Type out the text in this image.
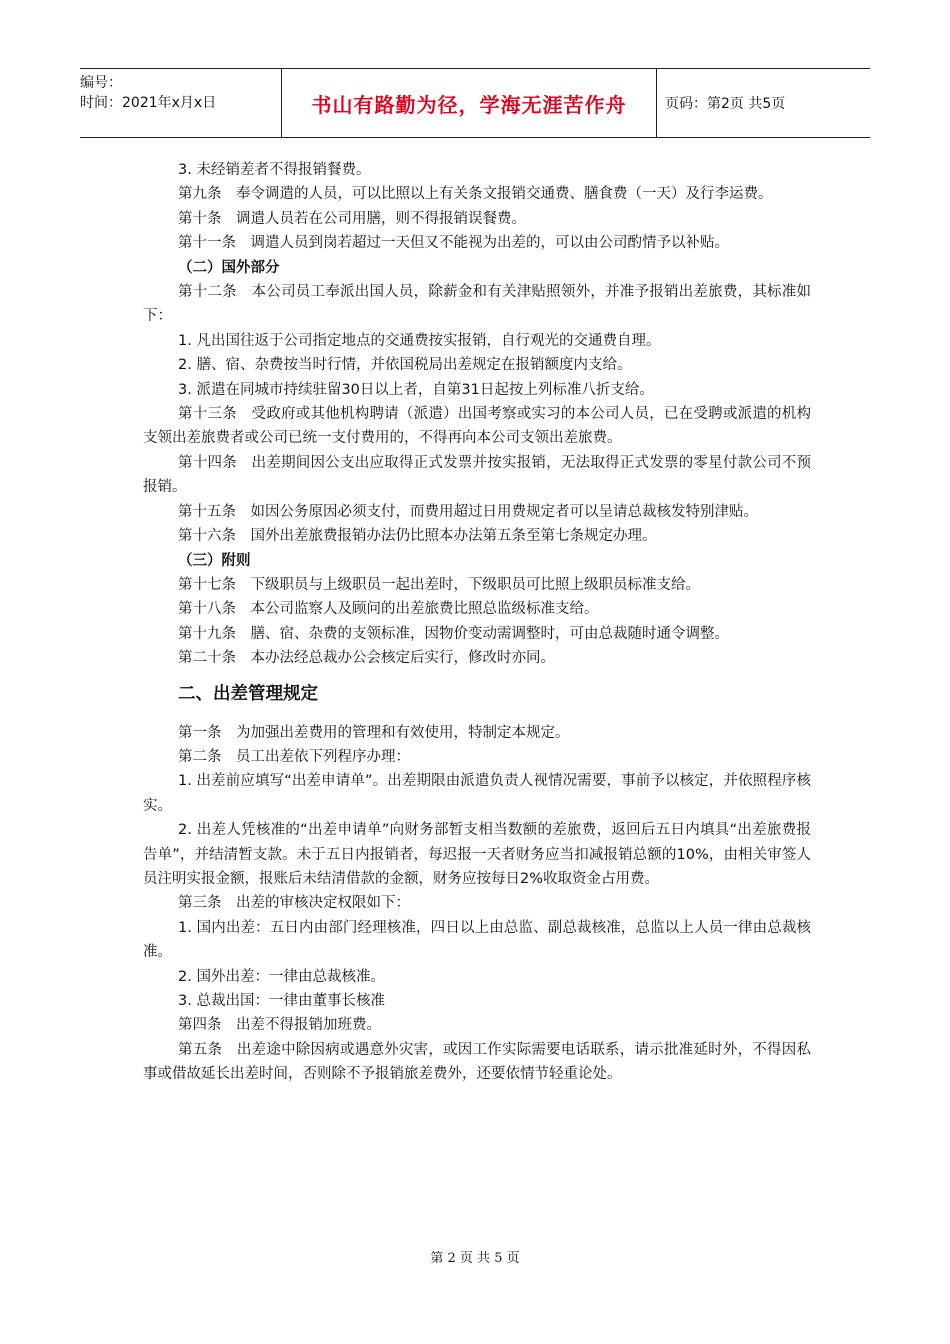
编号：
时间：2021年x月x日	书山有路勤为径，学海无涯苦作舟	页码：第2页 共5页

3. 未经销差者不得报销餐费。

第九条　奉令调遣的人员，可以比照以上有关条文报销交通费、膳食费（一天）及行李运费。

第十条　调遣人员若在公司用膳，则不得报销误餐费。

第十一条　调遣人员到岗若超过一天但又不能视为出差的，可以由公司酌情予以补贴。

（二）国外部分

第十二条　本公司员工奉派出国人员，除薪金和有关津贴照领外，并准予报销出差旅费，其标准如下：

1. 凡出国往返于公司指定地点的交通费按实报销，自行观光的交通费自理。

2. 膳、宿、杂费按当时行情，并依国税局出差规定在报销额度内支给。

3. 派遣在同城市持续驻留30日以上者，自第31日起按上列标准八折支给。

第十三条　受政府或其他机构聘请（派遣）出国考察或实习的本公司人员，已在受聘或派遣的机构支领出差旅费者或公司已统一支付费用的，不得再向本公司支领出差旅费。

第十四条　出差期间因公支出应取得正式发票并按实报销，无法取得正式发票的零星付款公司不预报销。

第十五条　如因公务原因必须支付，而费用超过日用费规定者可以呈请总裁核发特别津贴。

第十六条　国外出差旅费报销办法仍比照本办法第五条至第七条规定办理。

（三）附则

第十七条　下级职员与上级职员一起出差时，下级职员可比照上级职员标准支给。

第十八条　本公司监察人及顾问的出差旅费比照总监级标准支给。

第十九条　膳、宿、杂费的支领标准，因物价变动需调整时，可由总裁随时通令调整。

第二十条　本办法经总裁办公会核定后实行，修改时亦同。

二、出差管理规定

第一条　为加强出差费用的管理和有效使用，特制定本规定。

第二条　员工出差依下列程序办理：

1. 出差前应填写“出差申请单”。出差期限由派遣负责人视情况需要，事前予以核定，并依照程序核实。

2. 出差人凭核准的“出差申请单”向财务部暂支相当数额的差旅费，返回后五日内填具“出差旅费报告单”，并结清暂支款。未于五日内报销者，每迟报一天者财务应当扣减报销总额的10%，由相关审签人员注明实报金额，报账后未结清借款的金额，财务应按每日2%收取资金占用费。

第三条　出差的审核决定权限如下：

1. 国内出差：五日内由部门经理核准，四日以上由总监、副总裁核准，总监以上人员一律由总裁核准。

2. 国外出差：一律由总裁核准。

3. 总裁出国：一律由董事长核准

第四条　出差不得报销加班费。

第五条　出差途中除因病或遇意外灾害，或因工作实际需要电话联系，请示批准延时外，不得因私事或借故延长出差时间，否则除不予报销旅差费外，还要依情节轻重论处。

第 2 页 共 5 页
